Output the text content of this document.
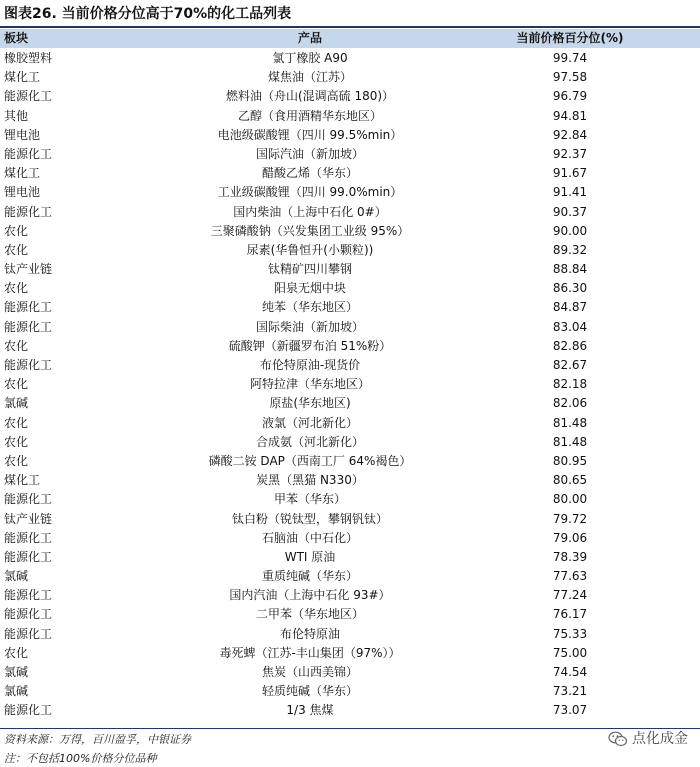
图表26. 当前价格分位高于70%的化工品列表
板块	产品	当前价格百分位(%)
橡胶塑料	氯丁橡胶 A90	99.74
煤化工	煤焦油（江苏）	97.58
能源化工	燃料油（舟山(混调高硫 180)）	96.79
其他	乙醇（食用酒精华东地区）	94.81
锂电池	电池级碳酸锂（四川 99.5%min）	92.84
能源化工	国际汽油（新加坡）	92.37
煤化工	醋酸乙烯（华东）	91.67
锂电池	工业级碳酸锂（四川 99.0%min）	91.41
能源化工	国内柴油（上海中石化 0#）	90.37
农化	三聚磷酸钠（兴发集团工业级 95%）	90.00
农化	尿素(华鲁恒升(小颗粒))	89.32
钛产业链	钛精矿四川攀钢	88.84
农化	阳泉无烟中块	86.30
能源化工	纯苯（华东地区）	84.87
能源化工	国际柴油（新加坡）	83.04
农化	硫酸钾（新疆罗布泊 51%粉）	82.86
能源化工	布伦特原油-现货价	82.67
农化	阿特拉津（华东地区）	82.18
氯碱	原盐(华东地区)	82.06
农化	液氯（河北新化）	81.48
农化	合成氨（河北新化）	81.48
农化	磷酸二铵 DAP（西南工厂 64%褐色）	80.95
煤化工	炭黑（黑猫 N330）	80.65
能源化工	甲苯（华东）	80.00
钛产业链	钛白粉（锐钛型，攀钢钒钛）	79.72
能源化工	石脑油（中石化）	79.06
能源化工	WTI 原油	78.39
氯碱	重质纯碱（华东）	77.63
能源化工	国内汽油（上海中石化 93#）	77.24
能源化工	二甲苯（华东地区）	76.17
能源化工	布伦特原油	75.33
农化	毒死蜱（江苏-丰山集团（97%））	75.00
氯碱	焦炭（山西美锦）	74.54
氯碱	轻质纯碱（华东）	73.21
能源化工	1/3 焦煤	73.07
资料来源：万得，百川盈孚，中银证券
注：不包括100%价格分位品种
点化成金
